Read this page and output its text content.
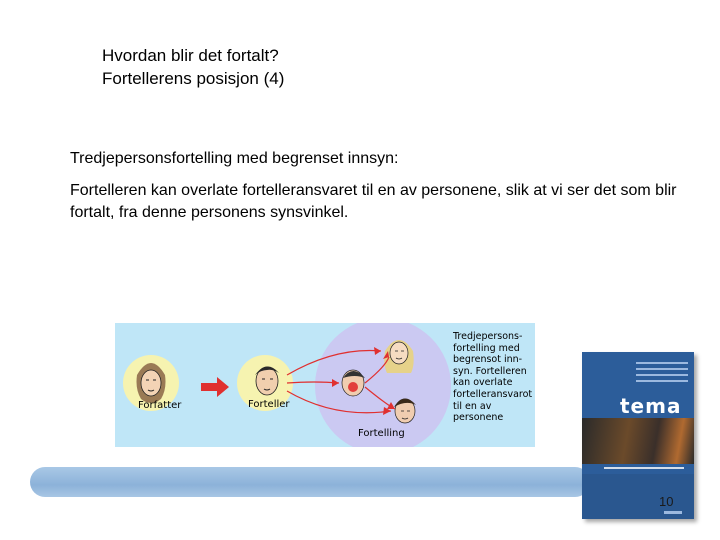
Hvordan blir det fortalt?
Fortellerens posisjon (4)
Tredjepersonsfortelling med begrenset innsyn:
Fortelleren kan overlate fortelleransvaret til en av personene, slik at vi ser det som blir fortalt, fra denne personens synsvinkel.
Forfatter	Forteller
Fortelling
Tredjepersons-
fortelling med
begrensot inn-
syn. Fortelleren
kan overlate
fortelleransvarot
til en av
personene	tema
10
